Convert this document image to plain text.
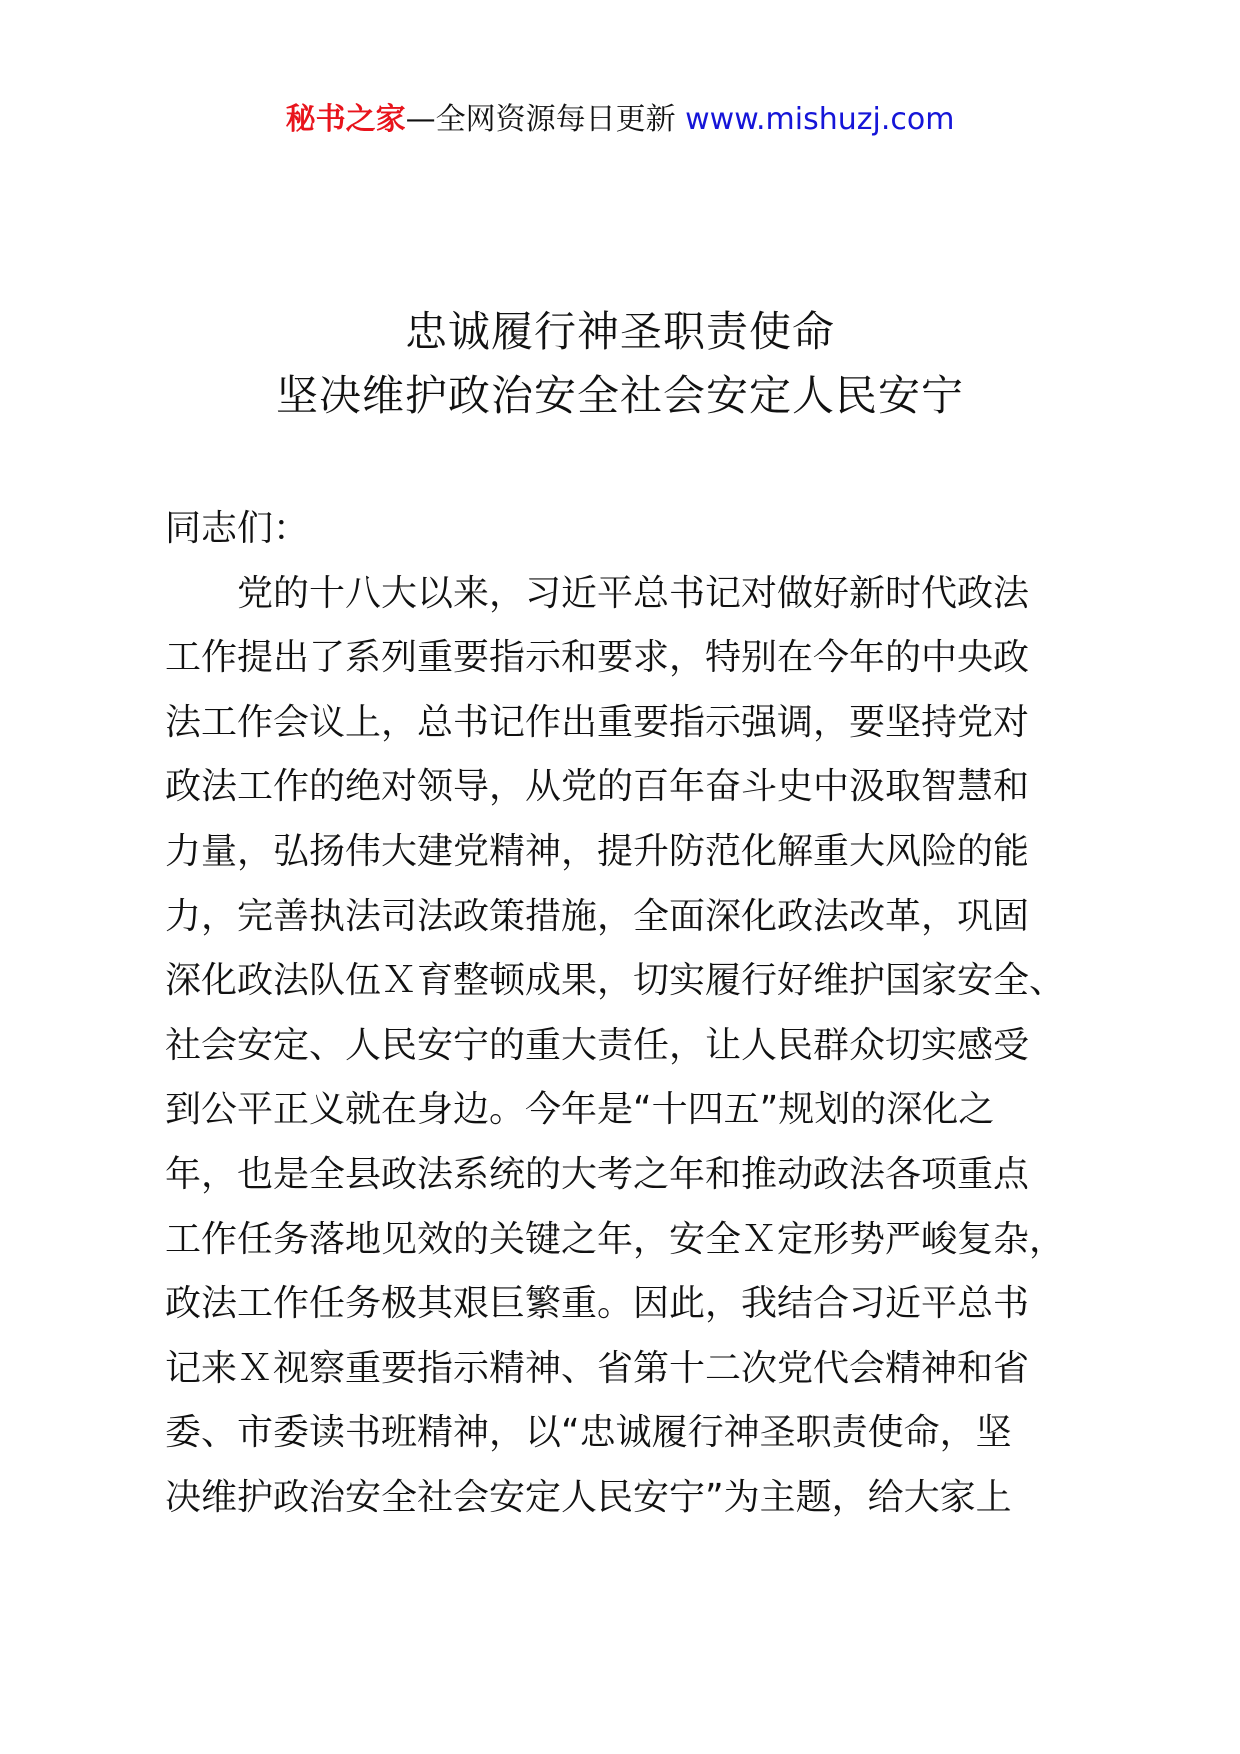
秘书之家—全网资源每日更新 www.mishuzj.com
忠诚履行神圣职责使命
坚决维护政治安全社会安定人民安宁
同志们：
党的十八大以来，习近平总书记对做好新时代政法
工作提出了系列重要指示和要求，特别在今年的中央政
法工作会议上，总书记作出重要指示强调，要坚持党对
政法工作的绝对领导，从党的百年奋斗史中汲取智慧和
力量，弘扬伟大建党精神，提升防范化解重大风险的能
力，完善执法司法政策措施，全面深化政法改革，巩固
深化政法队伍Ｘ育整顿成果，切实履行好维护国家安全、
社会安定、人民安宁的重大责任，让人民群众切实感受
到公平正义就在身边。今年是“十四五”规划的深化之
年，也是全县政法系统的大考之年和推动政法各项重点
工作任务落地见效的关键之年，安全Ｘ定形势严峻复杂，
政法工作任务极其艰巨繁重。因此，我结合习近平总书
记来Ｘ视察重要指示精神、省第十二次党代会精神和省
委、市委读书班精神，以“忠诚履行神圣职责使命，坚
决维护政治安全社会安定人民安宁”为主题，给大家上
